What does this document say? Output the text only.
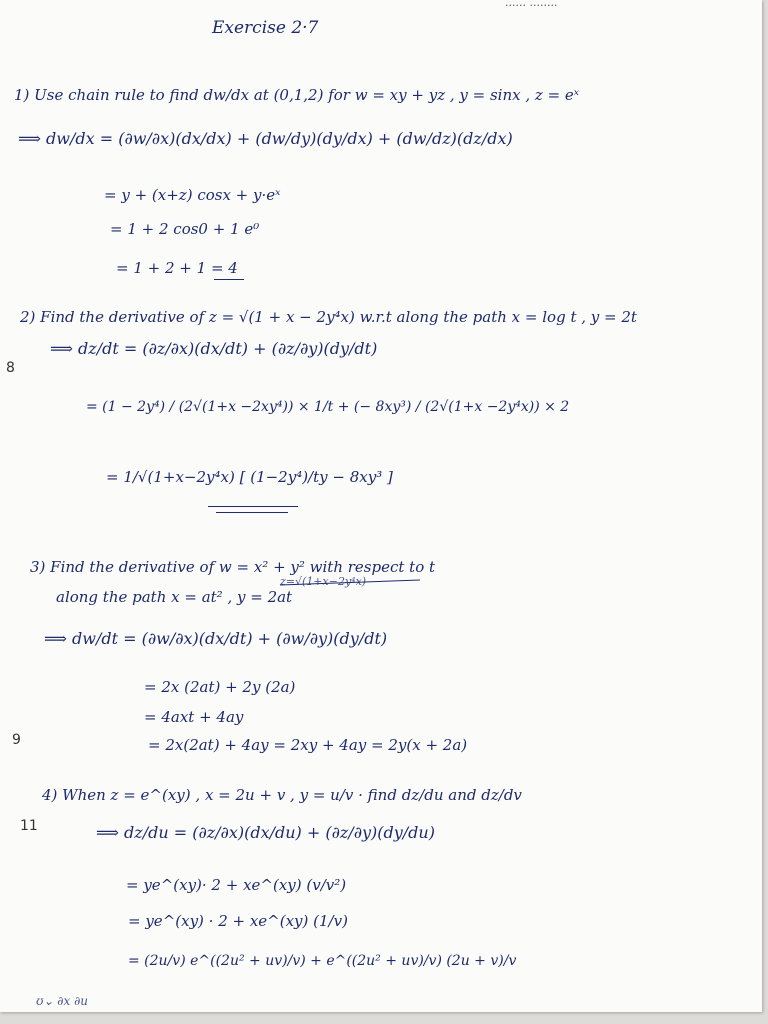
······ ········
Exercise 2·7
8
9
11
1) Use chain rule to find dw/dx at (0,1,2) for w = xy + yz , y = sinx , z = eˣ
⟹ dw/dx = (∂w/∂x)(dx/dx) + (dw/dy)(dy/dx) + (dw/dz)(dz/dx)
= y + (x+z) cosx + y·eˣ
= 1 + 2 cos0 + 1 e⁰
= 1 + 2 + 1 = 4
2) Find the derivative of z = √(1 + x − 2y⁴x) w.r.t along the path x = log t , y = 2t
⟹ dz/dt = (∂z/∂x)(dx/dt) + (∂z/∂y)(dy/dt)
= (1 − 2y⁴) / (2√(1+x −2xy⁴)) × 1/t + (− 8xy³) / (2√(1+x −2y⁴x)) × 2
= 1/√(1+x−2y⁴x) [ (1−2y⁴)/ty − 8xy³ ]
3) Find the derivative of w = x² + y² with respect to t
z=√(1+x−2y⁴x)
along the path x = at² , y = 2at
⟹ dw/dt = (∂w/∂x)(dx/dt) + (∂w/∂y)(dy/dt)
= 2x (2at) + 2y (2a)
= 4axt + 4ay
= 2x(2at) + 4ay = 2xy + 4ay = 2y(x + 2a)
4) When z = e^(xy) , x = 2u + v , y = u/v · find dz/du and dz/dv
⟹ dz/du = (∂z/∂x)(dx/du) + (∂z/∂y)(dy/du)
= ye^(xy)· 2 + xe^(xy) (v/v²)
= ye^(xy) · 2 + xe^(xy) (1/v)
= (2u/v) e^((2u² + uv)/v) + e^((2u² + uv)/v) (2u + v)/v
ʊ⌄ ∂x ∂u
